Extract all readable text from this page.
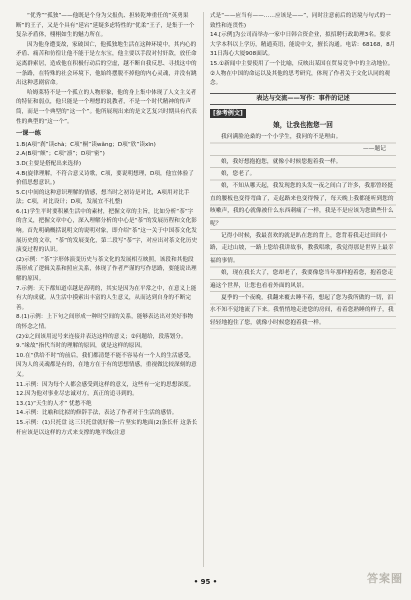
“优秀”“孤独”——他既是个身为父报仇、担转乾坤重任的“英勇果断”的王子，又是个具有“延宕”延疑多虑特性的“优柔”王子，是集于一个复杂矛盾体，栩栩如生的魅力所在。

因为他身遭变故，家破国亡，他孤独地生活在这种环境中，其内心的矛盾、痛苦和彷徨让他不能于是左东宝，他主要以手段对付奸敌，放任命运离群索居，造成他在积极行动后的空虚，越不断自我反思、寻找这中的一条路，在特殊的社会环境下，他始终摆脱不掉他的内心灵魂，并没有跳出这种悲剧宿命。

哈姆莱特不是一个孤立的人物形象，他的身上集中体现了人文主义者的特征和弱点，他只能是一个理想的说教者，不是一个时代精神的传声筒，而是一个典型的“这一个”。他所展现出来的是文艺复兴时期具有代表性的典型的“这一个”。

一课一练

1.B(A项“刹”读chà；C项“桐”读wǎng；D项“欣”读xīn)

2.A(B项“颇”；C项“凛”；D项“密”)

3.D(主要是搭配出来选择)

4.B(旋律理解，不符合意义诗歌，C项，要说明想理，D项，他宜体验了价值思想意识。)

5.C(中间的这种意识理解的情感，想当时之初诗是对比，A项用对比手法；C项，对比设计；D项，发展宜不扎整)

6.(1)学生平时要积累生活中的素材，把握文章的主旨，比如分析“茶”字的含义，把握文章中心，深入理解分析的中心是“茶”的发展历程和文化影响。首先明确概括说明文的说明对象，即介绍“茶”这一关于中国茶文化发展历史的文章，“茶”的发展变化，第二段写“茶”字，对应出对茶文化历史演变过程的认识。

(2)示例：“茶”字形体演变历史与茶文化的发展相互映照，该段和其他段落形成了逻辑关系和照应关系，体现了作者严谨的写作思路，要能说出理解的原因。

7.示例：天下都知道卓越是高明的，其实是因为在平常之中，在意义上能有大的成就。从生活中摸索出丰富的人生意义，从而达到自身的不断完善。

8.(1)示例：上下句之间形成一种时空间的关系，能够表达出对美好事物的怀念之情。

(2)①之间该用逗号来连接并表达这样的意义；②问题给，段落划分。

9.“缘故”指代当时的理解的原因，就是这样的原因。

10.在“供给不时”的前后，我们都清楚不能不容易有一个人的生活感受，因为人的灵魂都是有的，在地方在于有的思想情感，重视做比较深刻的意义。

11.示例：因为每个人都会感受到这样的意义，这些有一定的思想深度。

12.因为他对事业尽忠诚对方，真正的追寻到的。

13.(1)“天生的人才” 忧愁不绝

14.示例：比喻和比拟的修辞手法，表达了作者对于生活的感悟。

15.示例：(1)只托盘 这三只托盘就好像一片坚实的地面(2)条长杆 这条长杆应该是以这样的方式来支撑的地平线(注意

式是“——应当有——……应该是——”，同时注意前后的语境与句式的一致性和连贯性)

14.[示例]为公司而举办一家中日韩合资企业，拟招聘行政助理3名。要求大学本科以上学历，精通英语，能说中文，擅长沟通。电话：68168，8月31日海心大厦908面试。

15.①新闻中主要使用了一个比喻，反映出某国在贸易竞争中的主动地位。②人物在中国的命运以及其他的思考研究，体现了作者关于文化认同的观念。

表达与交流——写作：事件的记述
[参考例文]
娘，让我也抱您一回

我问满脸沧桑的一个小学生，我问的不是理由。

——题记

娘，我好想抱抱您，就像小时候您抱着我一样。

娘，您老了。

娘，不知从哪天起，我发现您的头发一夜之间白了许多，我那曾经挺直的腰板也变得弯曲了，走起路来也变得慢了，每天晚上我都能听到您的咳嗽声，我的心就像被什么东西刺痛了一样，我是不是应该为您做些什么呢？

记得小时候，我最喜欢的就是趴在您的背上，您背着我走过田间小路，走过山坡，一路上您给我讲故事，教我唱歌，我觉得那是世界上最幸福的事情。

娘，现在我长大了，您却老了，我要像您当年那样抱着您，抱着您走遍这个世界，让您也看看外面的风景。

夏季的一个夜晚，我翻来覆去睡不着，想起了您为我所做的一切，泪水不知不觉地流了下来。我悄悄地走进您的房间，看着您熟睡的样子，我轻轻地抱住了您，就像小时候您抱着我一样。

• 95 •	答案圈
